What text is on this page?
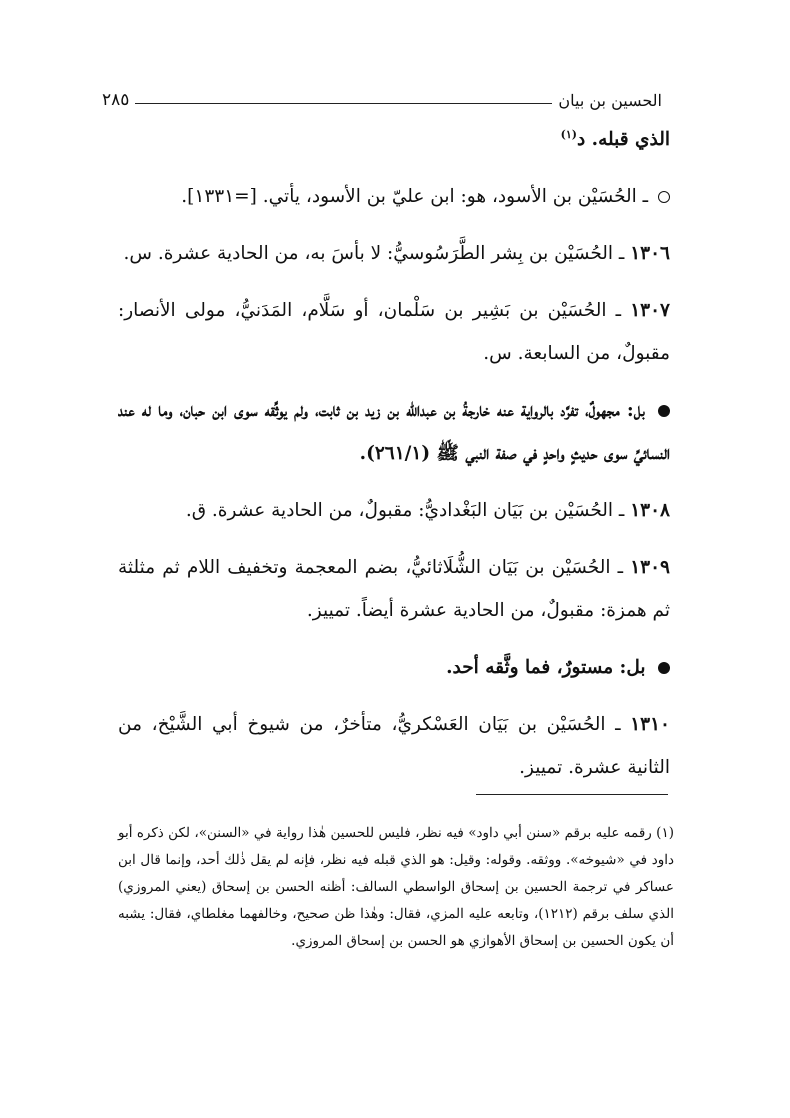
الحسين بن بيان
٢٨٥

الذي قبله. د$^{(١)}$

ـ الحُسَيْن بن الأسود، هو: ابن عليّ بن الأسود، يأتي. [=١٣٣١].

١٣٠٦ ـ الحُسَيْن بن بِشر الطَّرَسُوسيُّ: لا بأسَ به، من الحادية عشرة. س.

١٣٠٧ ـ الحُسَيْن بن بَشِير بن سَلْمان، أو سَلَّام، المَدَنيُّ، مولى الأنصار: مقبولٌ، من السابعة. س.

بل: مجهولٌ، تفرَّد بالرواية عنه خارجةُ بن عبدالله بن زيد بن ثابت، ولم يوثِّقه سوى ابن حبان، وما له عند النسائيِّ سوى حديثٍ واحدٍ في صفة النبي ﷺ (٢٦١/١).

١٣٠٨ ـ الحُسَيْن بن بَيَان البَغْداديُّ: مقبولٌ، من الحادية عشرة. ق.

١٣٠٩ ـ الحُسَيْن بن بَيَان الشُّلَاثائيُّ، بضم المعجمة وتخفيف اللام ثم مثلثة ثم همزة: مقبولٌ، من الحادية عشرة أيضاً. تمييز.

بل: مستورٌ، فما وثَّقه أحد.

١٣١٠ ـ الحُسَيْن بن بَيَان العَسْكريُّ، متأخرٌ، من شيوخ أبي الشَّيْخ، من الثانية عشرة. تمييز.

(١) رقمه عليه برقم «سنن أبي داود» فيه نظر، فليس للحسين هٰذا رواية في «السنن»، لكن ذكره أبو داود في «شيوخه». ووثقه. وقوله: وقيل: هو الذي قبله فيه نظر، فإنه لم يقل ذٰلك أحد، وإنما قال ابن عساكر في ترجمة الحسين بن إسحاق الواسطي السالف: أظنه الحسن بن إسحاق (يعني المروزي) الذي سلف برقم (١٢١٢)، وتابعه عليه المزي، فقال: وهٰذا ظن صحيح، وخالفهما مغلطاي، فقال: يشبه أن يكون الحسين بن إسحاق الأهوازي هو الحسن بن إسحاق المروزي.
